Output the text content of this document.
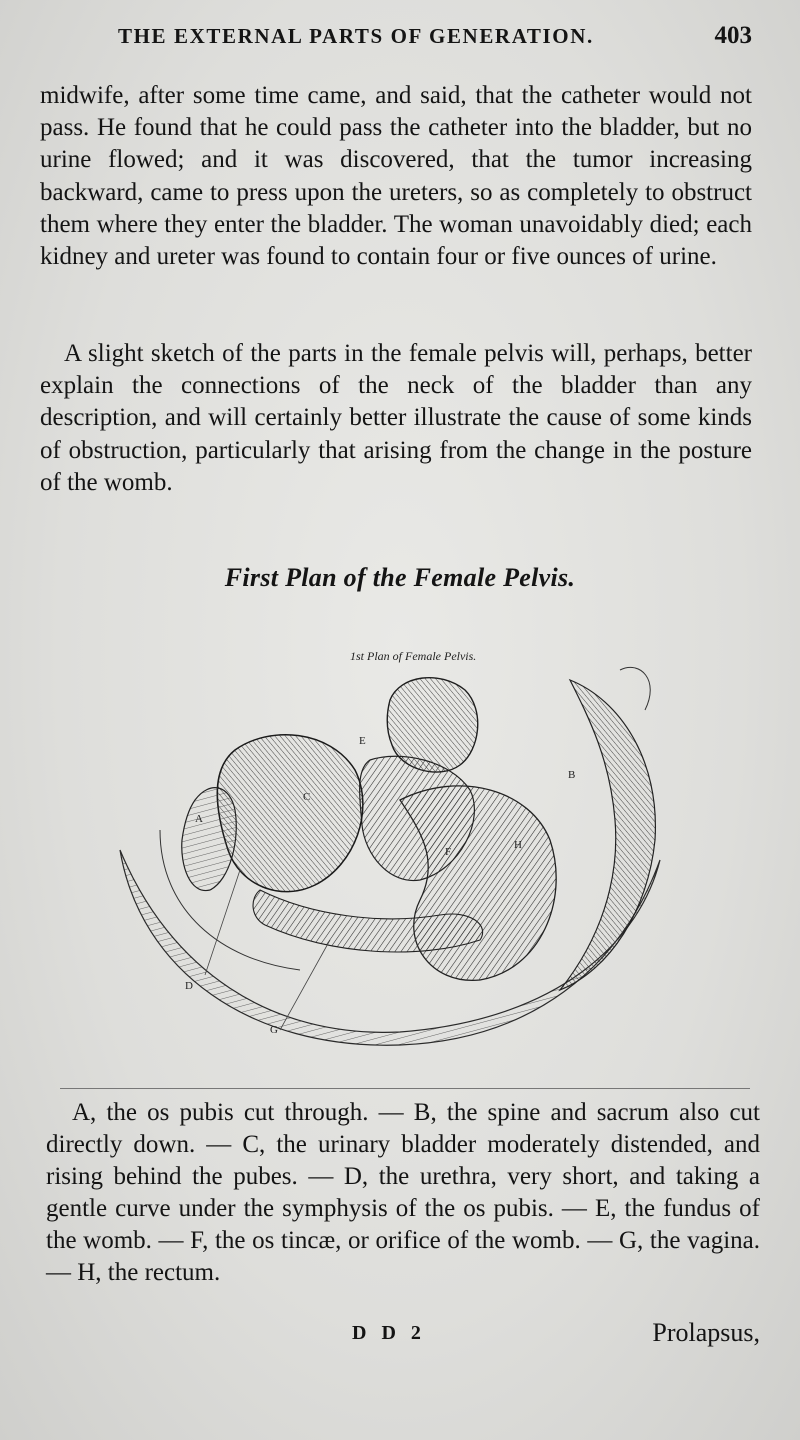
THE EXTERNAL PARTS OF GENERATION.	403

midwife, after some time came, and said, that the catheter would not pass. He found that he could pass the catheter into the bladder, but no urine flowed; and it was discovered, that the tumor increasing backward, came to press upon the ureters, so as completely to obstruct them where they enter the bladder. The woman unavoidably died; each kidney and ureter was found to contain four or five ounces of urine.

A slight sketch of the parts in the female pelvis will, perhaps, better explain the connections of the neck of the bladder than any description, and will certainly better illustrate the cause of some kinds of obstruction, particularly that arising from the change in the posture of the womb.

First Plan of the Female Pelvis.
1st Plan of Female Pelvis.
A
B
C
D
E
F
G
H

A, the os pubis cut through. — B, the spine and sacrum also cut directly down. — C, the urinary bladder moderately distended, and rising behind the pubes. — D, the urethra, very short, and taking a gentle curve under the symphysis of the os pubis. — E, the fundus of the womb. — F, the os tincæ, or orifice of the womb. — G, the vagina. — H, the rectum.

D D 2	Prolapsus,
